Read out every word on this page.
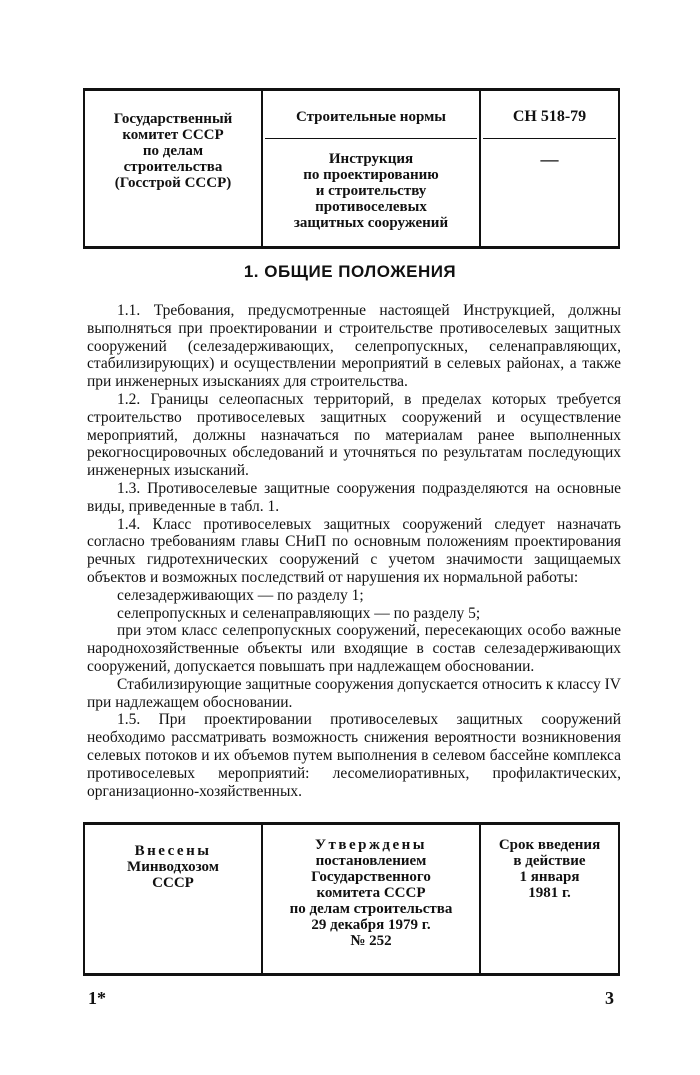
Государственный
комитет СССР
по делам
строительства
(Госстрой СССР)
Строительные нормы
Инструкция
по проектированию
и строительству
противоселевых
защитных сооружений
СН 518-79
—
1. ОБЩИЕ ПОЛОЖЕНИЯ

1.1. Требования, предусмотренные настоящей Инструкцией, должны выполняться при проектировании и строительстве противоселевых защитных сооружений (селезадерживающих, селепропускных, селенаправляющих, стабилизирующих) и осуществлении мероприятий в селевых районах, а также при инженерных изысканиях для строительства.

1.2. Границы селеопасных территорий, в пределах которых требуется строительство противоселевых защитных сооружений и осуществление мероприятий, должны назначаться по материалам ранее выполненных рекогносцировочных обследований и уточняться по результатам последующих инженерных изысканий.

1.3. Противоселевые защитные сооружения подразделяются на основные виды, приведенные в табл. 1.

1.4. Класс противоселевых защитных сооружений следует назначать согласно требованиям главы СНиП по основным положениям проектирования речных гидротехнических сооружений с учетом значимости защищаемых объектов и возможных последствий от нарушения их нормальной работы:

селезадерживающих — по разделу 1;

селепропускных и селенаправляющих — по разделу 5;

при этом класс селепропускных сооружений, пересекающих особо важные народнохозяйственные объекты или входящие в состав селезадерживающих сооружений, допускается повышать при надлежащем обосновании.

Стабилизирующие защитные сооружения допускается относить к классу IV при надлежащем обосновании.

1.5. При проектировании противоселевых защитных сооружений необходимо рассматривать возможность снижения вероятности возникновения селевых потоков и их объемов путем выполнения в селевом бассейне комплекса противоселевых мероприятий: лесомелиоративных, профилактических, организационно-хозяйственных.

Внесены
Минводхозом СССР
Утверждены
постановлением
Государственного
комитета СССР
по делам строительства
29 декабря 1979 г.
№ 252
Срок введения
в действие
1 января
1981 г.
1*	3
